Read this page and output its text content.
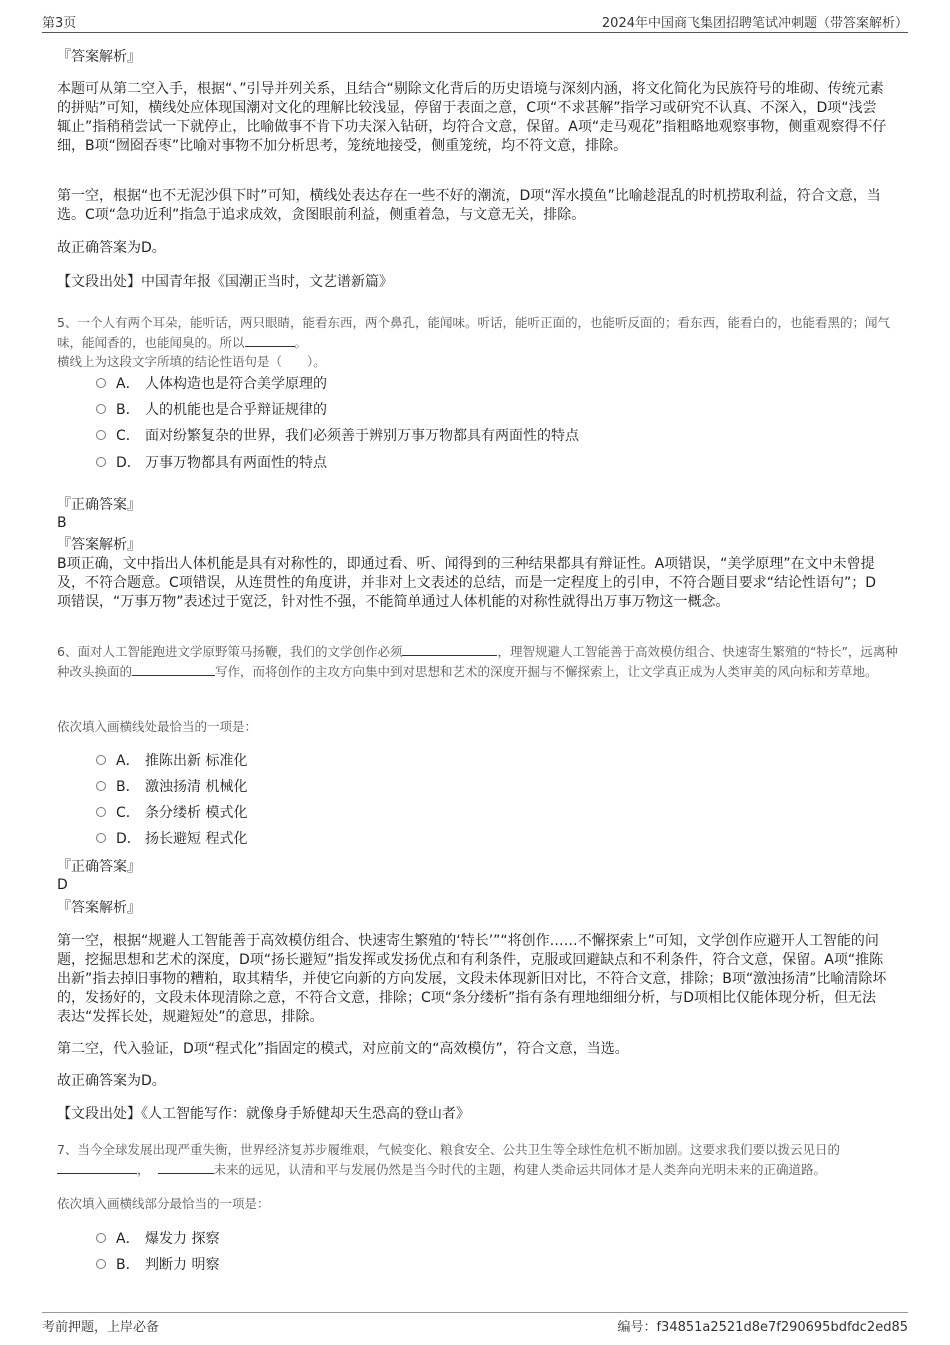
第3页	2024年中国商飞集团招聘笔试冲刺题（带答案解析）
『答案解析』

本题可从第二空入手，根据“、”引导并列关系，且结合“剔除文化背后的历史语境与深刻内涵，将文化简化为民族符号的堆砌、传统元素的拼贴”可知，横线处应体现国潮对文化的理解比较浅显，停留于表面之意，C项“不求甚解”指学习或研究不认真、不深入，D项“浅尝辄止”指稍稍尝试一下就停止，比喻做事不肯下功夫深入钻研，均符合文意，保留。A项“走马观花”指粗略地观察事物，侧重观察得不仔细，B项“囫囵吞枣”比喻对事物不加分析思考，笼统地接受，侧重笼统，均不符文意，排除。

第一空，根据“也不无泥沙俱下时”可知，横线处表达存在一些不好的潮流，D项“浑水摸鱼”比喻趁混乱的时机捞取利益，符合文意，当选。C项“急功近利”指急于追求成效，贪图眼前利益，侧重着急，与文意无关，排除。

故正确答案为D。
【文段出处】中国青年报《国潮正当时，文艺谱新篇》

5、一个人有两个耳朵，能听话，两只眼睛，能看东西，两个鼻孔，能闻味。听话，能听正面的，也能听反面的；看东西，能看白的，也能看黑的；闻气味，能闻香的，也能闻臭的。所以	。

横线上为这段文字所填的结论性语句是（　　）。
A． 人体构造也是符合美学原理的
B． 人的机能也是合乎辩证规律的
C． 面对纷繁复杂的世界，我们必须善于辨别万事万物都具有两面性的特点
D． 万事万物都具有两面性的特点
『正确答案』
B
『答案解析』

B项正确，文中指出人体机能是具有对称性的，即通过看、听、闻得到的三种结果都具有辩证性。A项错误，“美学原理”在文中未曾提及，不符合题意。C项错误，从连贯性的角度讲，并非对上文表述的总结，而是一定程度上的引申，不符合题目要求“结论性语句”；D项错误，“万事万物”表述过于宽泛，针对性不强，不能简单通过人体机能的对称性就得出万事万物这一概念。

6、面对人工智能跑进文学原野策马扬鞭，我们的文学创作必须	，理智规避人工智能善于高效模仿组合、快速寄生繁殖的“特长”，远离种种改头换面的	写作，而将创作的主攻方向集中到对思想和艺术的深度开掘与不懈探索上，让文学真正成为人类审美的风向标和芳草地。

依次填入画横线处最恰当的一项是：
A． 推陈出新 标准化
B． 激浊扬清 机械化
C． 条分缕析 模式化
D． 扬长避短 程式化
『正确答案』
D
『答案解析』

第一空，根据“规避人工智能善于高效模仿组合、快速寄生繁殖的‘特长’”“将创作……不懈探索上”可知，文学创作应避开人工智能的问题，挖掘思想和艺术的深度，D项“扬长避短”指发挥或发扬优点和有利条件，克服或回避缺点和不利条件，符合文意，保留。A项“推陈出新”指去掉旧事物的糟粕，取其精华，并使它向新的方向发展，文段未体现新旧对比，不符合文意，排除；B项“激浊扬清”比喻清除坏的，发扬好的，文段未体现清除之意，不符合文意，排除；C项“条分缕析”指有条有理地细细分析，与D项相比仅能体现分析，但无法表达“发挥长处，规避短处”的意思，排除。

第二空，代入验证，D项“程式化”指固定的模式，对应前文的“高效模仿”，符合文意，当选。
故正确答案为D。
【文段出处】《人工智能写作：就像身手矫健却天生恐高的登山者》

7、当今全球发展出现严重失衡，世界经济复苏步履维艰，气候变化、粮食安全、公共卫生等全球性危机不断加剧。这要求我们要以拨云见日的，	未来的远见，认清和平与发展仍然是当今时代的主题，构建人类命运共同体才是人类奔向光明未来的正确道路。

依次填入画横线部分最恰当的一项是：
A． 爆发力 探察
B． 判断力 明察
考前押题，上岸必备	编号：f34851a2521d8e7f290695bdfdc2ed85
